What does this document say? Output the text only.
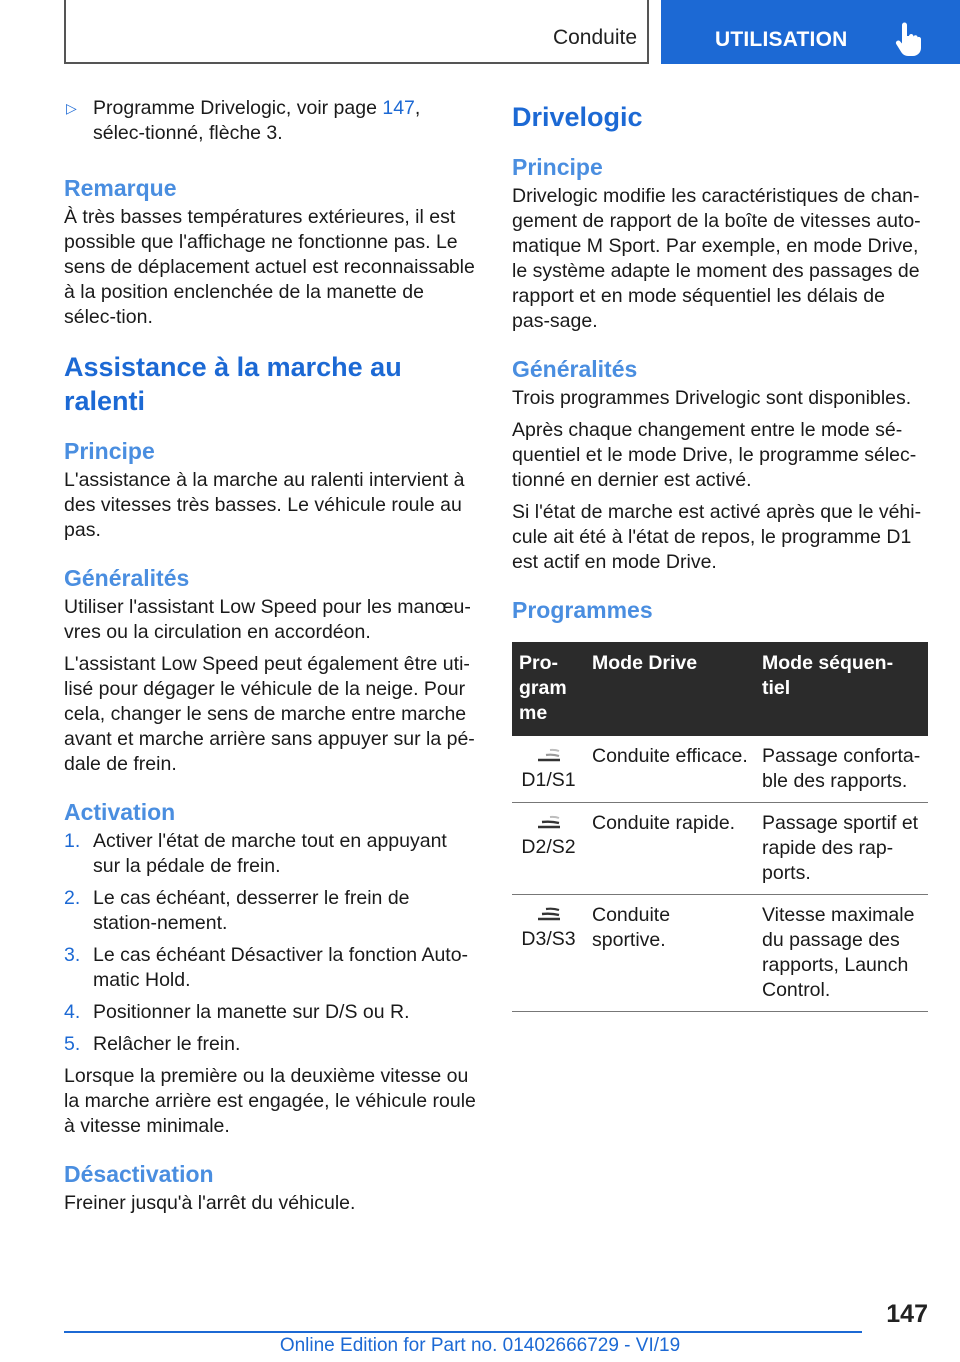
Conduite	UTILISATION

▷ Programme Drivelogic, voir page 147, sélec-tionné, flèche 3.

Remarque

À très basses températures extérieures, il est possible que l'affichage ne fonctionne pas. Le sens de déplacement actuel est reconnaissable à la position enclenchée de la manette de sélec-tion.

Assistance à la marche au ralenti
Principe

L'assistance à la marche au ralenti intervient à des vitesses très basses. Le véhicule roule au pas.

Généralités

Utiliser l'assistant Low Speed pour les manœu-vres ou la circulation en accordéon.

L'assistant Low Speed peut également être uti-lisé pour dégager le véhicule de la neige. Pour cela, changer le sens de marche entre marche avant et marche arrière sans appuyer sur la pé-dale de frein.

Activation
1. Activer l'état de marche tout en appuyant sur la pédale de frein.
2. Le cas échéant, desserrer le frein de station-nement.
3. Le cas échéant Désactiver la fonction Auto-matic Hold.
4. Positionner la manette sur D/S ou R.
5. Relâcher le frein.

Lorsque la première ou la deuxième vitesse ou la marche arrière est engagée, le véhicule roule à vitesse minimale.

Désactivation

Freiner jusqu'à l'arrêt du véhicule.

Drivelogic
Principe

Drivelogic modifie les caractéristiques de chan-gement de rapport de la boîte de vitesses auto-matique M Sport. Par exemple, en mode Drive, le système adapte le moment des passages de rapport et en mode séquentiel les délais de pas-sage.

Généralités

Trois programmes Drivelogic sont disponibles.

Après chaque changement entre le mode sé-quentiel et le mode Drive, le programme sélec-tionné en dernier est activé.

Si l'état de marche est activé après que le véhi-cule ait été à l'état de repos, le programme D1 est actif en mode Drive.

Programmes
Pro-gram me	Mode Drive	Mode séquen-tiel

D1/S1	Conduite efficace.	Passage conforta-ble des rapports.

D2/S2	Conduite rapide.	Passage sportif et rapide des rap-ports.

D3/S3	Conduite sportive.	Vitesse maximale du passage des rapports, Launch Control.
147
Online Edition for Part no. 01402666729 - VI/19
